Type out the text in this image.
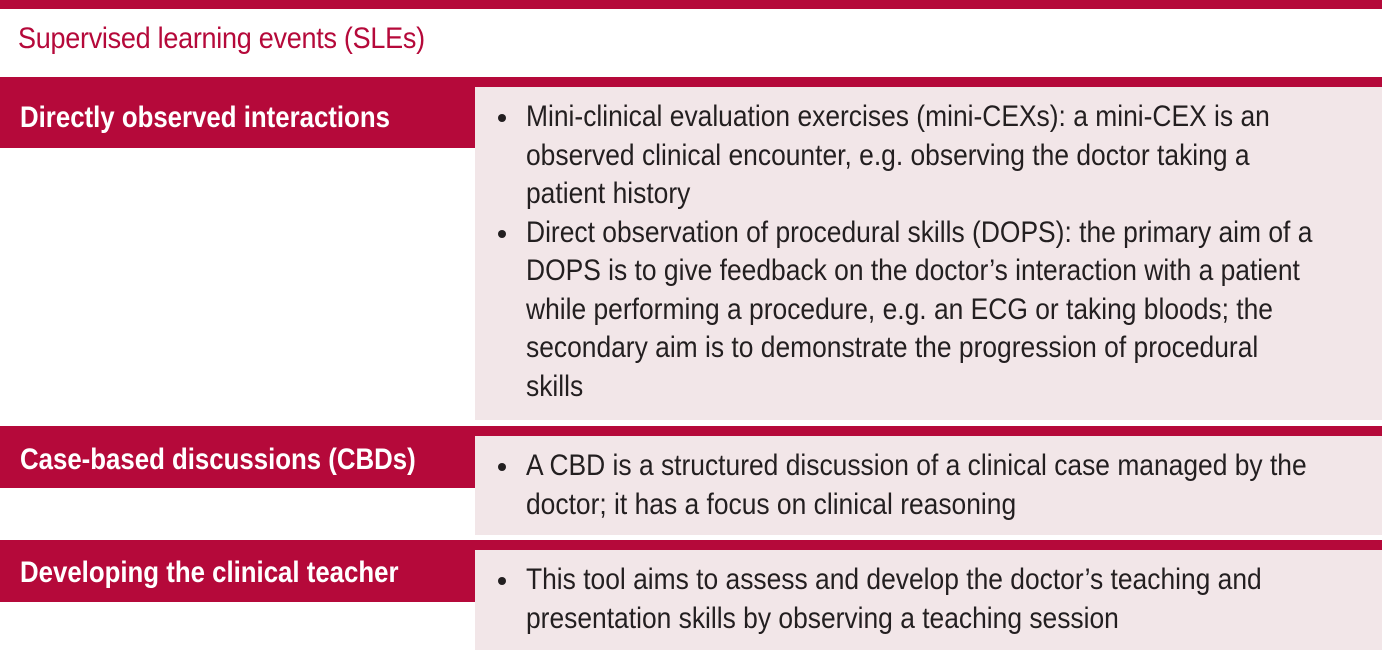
Supervised learning events (SLEs)
Directly observed interactions	Mini-clinical evaluation exercises (mini-CEXs): a mini-CEX is an
observed clinical encounter, e.g. observing the doctor taking a
patient history
Direct observation of procedural skills (DOPS): the primary aim of a
DOPS is to give feedback on the doctor’s interaction with a patient
while performing a procedure, e.g. an ECG or taking bloods; the
secondary aim is to demonstrate the progression of procedural
skills
Case-based discussions (CBDs)	A CBD is a structured discussion of a clinical case managed by the
doctor; it has a focus on clinical reasoning
Developing the clinical teacher	This tool aims to assess and develop the doctor’s teaching and
presentation skills by observing a teaching session
